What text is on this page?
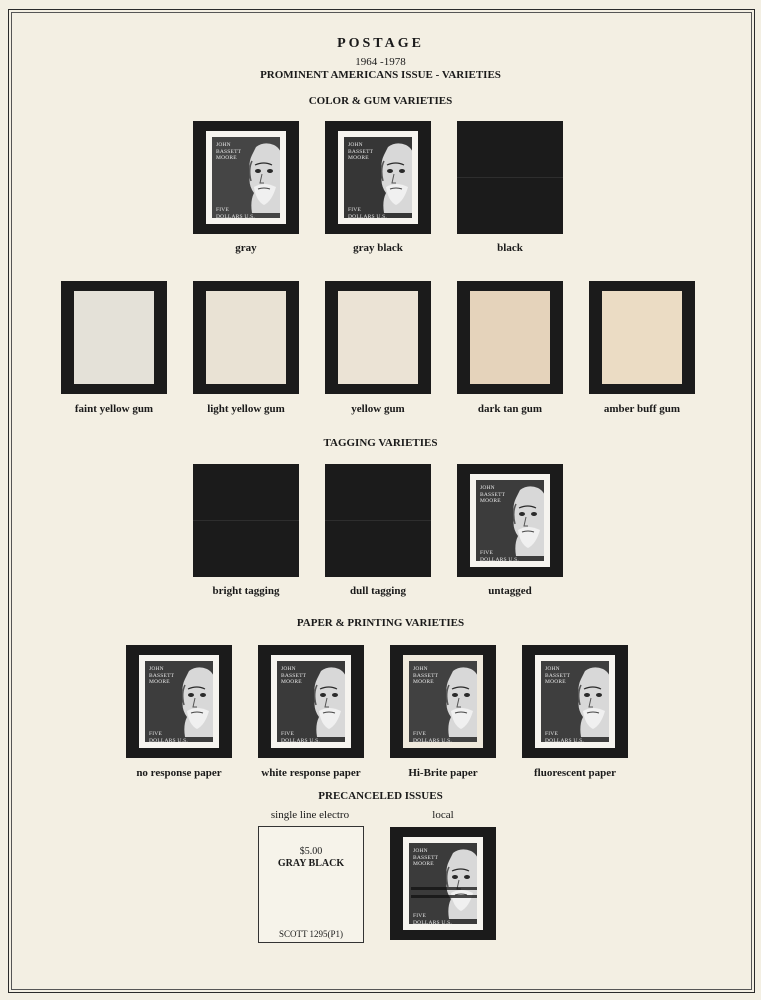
POSTAGE
1964 -1978
PROMINENT AMERICANS ISSUE - VARIETIES
COLOR & GUM VARIETIES
JOHN
BASSETT
MOORE
FIVE
DOLLARS U.S.
JOHN
BASSETT
MOORE
FIVE
DOLLARS U.S.
gray	gray black	black
faint yellow gum	light yellow gum	yellow gum	dark tan gum	amber buff gum
TAGGING VARIETIES
JOHN
BASSETT
MOORE
FIVE
DOLLARS U.S.
bright tagging	dull tagging	untagged
PAPER & PRINTING VARIETIES
JOHN
BASSETT
MOORE
FIVE
DOLLARS U.S.
JOHN
BASSETT
MOORE
FIVE
DOLLARS U.S.
JOHN
BASSETT
MOORE
FIVE
DOLLARS U.S.
JOHN
BASSETT
MOORE
FIVE
DOLLARS U.S.
no response paper	white response paper	Hi-Brite paper	fluorescent paper
PRECANCELED ISSUES
single line electro	local
$5.00
GRAY BLACK
SCOTT 1295(P1)
JOHN
BASSETT
MOORE
FIVE
DOLLARS U.S.
